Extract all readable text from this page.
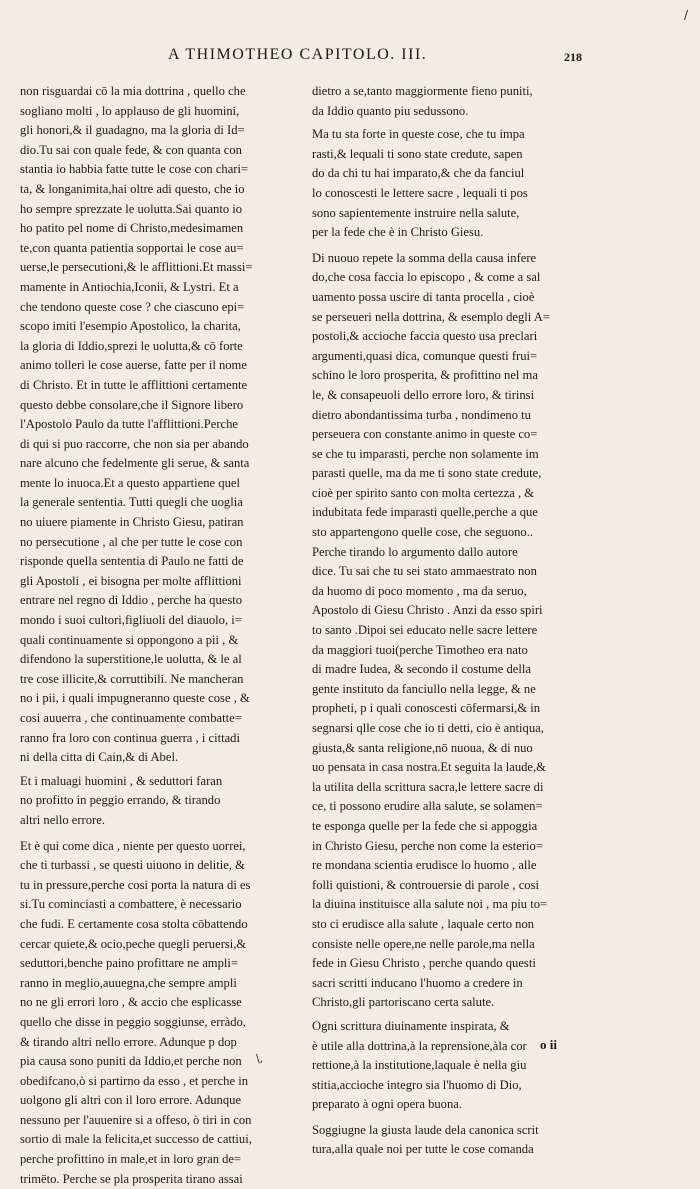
A THIMOTHEO CAPITOLO. III.	218
/
non risguardai cō la mia dottrina , quello che
sogliano molti , lo applauso de gli huomini,
gli honori,& il guadagno, ma la gloria di Id=
dio.Tu sai con quale fede, & con quanta con
stantia io habbia fatte tutte le cose con chari=
ta, & longanimita,hai oltre adi questo, che io
ho sempre sprezzate le uolutta.Sai quanto io
ho patito pel nome di Christo,medesimamen
te,con quanta patientia sopportai le cose au=
uerse,le persecutioni,& le afflittioni.Et massi=
mamente in Antiochia,Iconii, & Lystri. Et a
che tendono queste cose ? che ciascuno epi=
scopo imiti l'esempio Apostolico, la charita,
la gloria di Iddio,sprezi le uolutta,& cō forte
animo tolleri le cose auerse, fatte per il nome
di Christo. Et in tutte le afflittioni certamente
questo debbe consolare,che il Signore libero
l'Apostolo Paulo da tutte l'afflittioni.Perche
di qui si puo raccorre, che non sia per abando
nare alcuno che fedelmente gli serue, & santa
mente lo inuoca.Et a questo appartiene quel
la generale sententia. Tutti quegli che uoglia
no uiuere piamente in Christo Giesu, patiran
no persecutione , al che per tutte le cose con
risponde quella sententia di Paulo ne fatti de
gli Apostoli , ei bisogna per molte afflittioni
entrare nel regno di Iddio , perche ha questo
mondo i suoi cultori,figliuoli del diauolo, i=
quali continuamente si oppongono a pii , &
difendono la superstitione,le uolutta, & le al
tre cose illicite,& corruttibili. Ne mancheran
no i pii, i quali impugneranno queste cose , &
cosi auuerra , che continuamente combatte=
ranno fra loro con continua guerra , i cittadi
ni della citta di Cain,& di Abel.
Et i maluagi huomini , & seduttori faran
no profitto in peggio errando, & tirando
altri nello errore.
Et è qui come dica , niente per questo uorrei,
che ti turbassi , se questi uiuono in delitie, &
tu in pressure,perche cosi porta la natura di es
si.Tu cominciasti a combattere, è necessario
che fudi. E certamente cosa stolta cōbattendo
cercar quiete,& ocio,peche quegli peruersi,&
seduttori,benche paino profittare ne ampli=
ranno in meglio,auuegna,che sempre ampli
no ne gli errori loro , & accio che esplicasse
quello che disse in peggio soggiunse, erràdo,
& tirando altri nello errore. Adunque p dop
pia causa sono puniti da Iddio,et perche non
obedifcano,ò si partirno da esso , et perche in
uolgono gli altri con il loro errore. Adunque
nessuno per l'auuenire si a offeso, ò tiri in con
sortio di male la felicita,et successo de cattiui,
perche profittino in male,et in loro gran de=
trimēto. Perche se pla prosperita tirano assai
dietro a se,tanto maggiormente fieno puniti,
da Iddio quanto piu sedussono.
Ma tu sta forte in queste cose, che tu impa
rasti,& lequali ti sono state credute, sapen
do da chi tu hai imparato,& che da fanciul
lo conoscesti le lettere sacre , lequali ti pos
sono sapientemente instruire nella salute,
per la fede che è in Christo Giesu.
Di nuouo repete la somma della causa infere
do,che cosa faccia lo episcopo , & come a sal
uamento possa uscire di tanta procella , cioè
se perseueri nella dottrina, & esemplo degli A=
postoli,& accioche faccia questo usa preclari
argumenti,quasi dica, comunque questi frui=
schino le loro prosperita, & profittino nel ma
le, & consapeuoli dello errore loro, & tirinsi
dietro abondantissima turba , nondimeno tu
perseuera con constante animo in queste co=
se che tu imparasti, perche non solamente im
parasti quelle, ma da me ti sono state credute,
cioè per spirito santo con molta certezza , &
indubitata fede imparasti quelle,perche a que
sto appartengono quelle cose, che seguono..
Perche tirando lo argumento dallo autore
dice. Tu sai che tu sei stato ammaestrato non
da huomo di poco momento , ma da seruo,
Apostolo di Giesu Christo . Anzi da esso spiri
to santo .Dipoi sei educato nelle sacre lettere
da maggiori tuoi(perche Timotheo era nato
di madre Iudea, & secondo il costume della
gente instituto da fanciullo nella legge, & ne
propheti, p i quali conoscesti cōfermarsi,& in
segnarsi qlle cose che io ti detti, cio è antiqua,
giusta,& santa religione,nō nuoua, & di nuo
uo pensata in casa nostra.Et seguita la laude,&
la utilita della scrittura sacra,le lettere sacre di
ce, ti possono erudire alla salute, se solamen=
te esponga quelle per la fede che si appoggia
in Christo Giesu, perche non come la esterio=
re mondana scientia erudisce lo huomo , alle
folli quistioni, & controuersie di parole , cosi
la diuina instituisce alla salute noi , ma piu to=
sto ci erudisce alla salute , laquale certo non
consiste nelle opere,ne nelle parole,ma nella
fede in Giesu Christo , perche quando questi
sacri scritti inducano l'huomo a credere in
Christo,gli partoriscano certa salute.
Ogni scrittura diuinamente inspirata, &
è utile alla dottrina,à la reprensione,àla cor
rettione,à la institutione,laquale è nella giu
stitia,accioche integro sia l'huomo di Dio,
preparato à ogni opera buona.
Soggiugne la giusta laude dela canonica scrit
tura,alla quale noi per tutte le cose comanda
o ii
\,
